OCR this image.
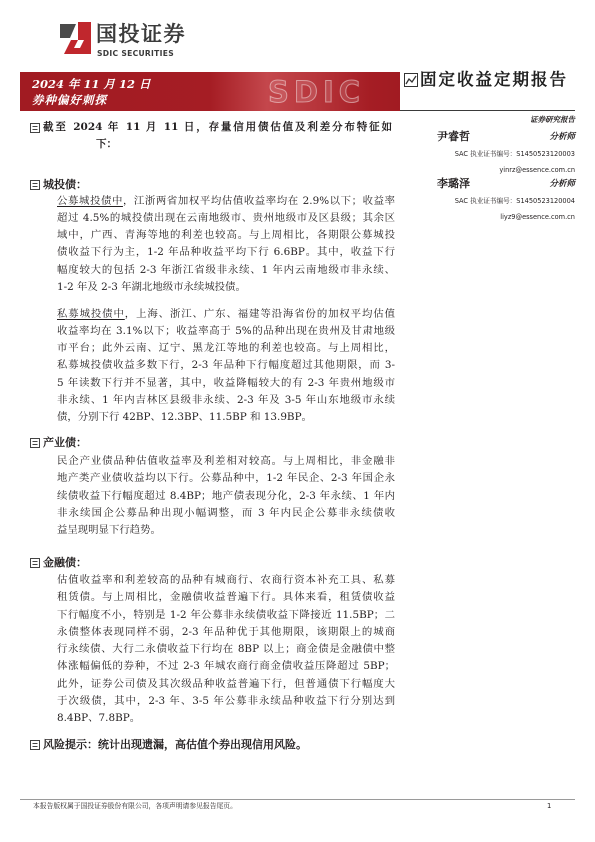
国投证券
SDIC SECURITIES
SDIC
2024 年 11 月 12 日
券种偏好刺探
固定收益定期报告
证券研究报告
尹睿哲	分析师
SAC 执业证书编号：S1450523120003
yinrz@essence.com.cn
李璐泽	分析师
SAC 执业证书编号：S1450523120004
liyz9@essence.com.cn
截至 2024 年 11 月 11 日，存量信用债估值及利差分布特征如
下：
城投债：
公募城投债中，江浙两省加权平均估值收益率均在 2.9%以下；收益率
超过 4.5%的城投债出现在云南地级市、贵州地级市及区县级；其余区
域中，广西、青海等地的利差也较高。与上周相比，各期限公募城投
债收益下行为主，1-2 年品种收益平均下行 6.6BP。其中，收益下行
幅度较大的包括 2-3 年浙江省级非永续、1 年内云南地级市非永续、
1-2 年及 2-3 年湖北地级市永续城投债。
私募城投债中，上海、浙江、广东、福建等沿海省份的加权平均估值
收益率均在 3.1%以下；收益率高于 5%的品种出现在贵州及甘肃地级
市平台；此外云南、辽宁、黑龙江等地的利差也较高。与上周相比，
私募城投债收益多数下行，2-3 年品种下行幅度超过其他期限，而 3-
5 年读数下行并不显著，其中，收益降幅较大的有 2-3 年贵州地级市
非永续、1 年内吉林区县级非永续、2-3 年及 3-5 年山东地级市永续
债，分别下行 42BP、12.3BP、11.5BP 和 13.9BP。
产业债：
民企产业债品种估值收益率及利差相对较高。与上周相比，非金融非
地产类产业债收益均以下行。公募品种中，1-2 年民企、2-3 年国企永
续债收益下行幅度超过 8.4BP；地产债表现分化，2-3 年永续、1 年内
非永续国企公募品种出现小幅调整，而 3 年内民企公募非永续债收
益呈现明显下行趋势。
金融债：
估值收益率和利差较高的品种有城商行、农商行资本补充工具、私募
租赁债。与上周相比，金融债收益普遍下行。具体来看，租赁债收益
下行幅度不小，特别是 1-2 年公募非永续债收益下降接近 11.5BP；二
永债整体表现同样不弱，2-3 年品种优于其他期限，该期限上的城商
行永续债、大行二永债收益下行均在 8BP 以上；商金债是金融债中整
体涨幅偏低的券种，不过 2-3 年城农商行商金债收益压降超过 5BP；
此外，证券公司债及其次级品种收益普遍下行，但普通债下行幅度大
于次级债，其中，2-3 年、3-5 年公募非永续品种收益下行分别达到
8.4BP、7.8BP。
风险提示：统计出现遗漏，高估值个券出现信用风险。
本报告版权属于国投证券股份有限公司，各项声明请参见报告尾页。	1
